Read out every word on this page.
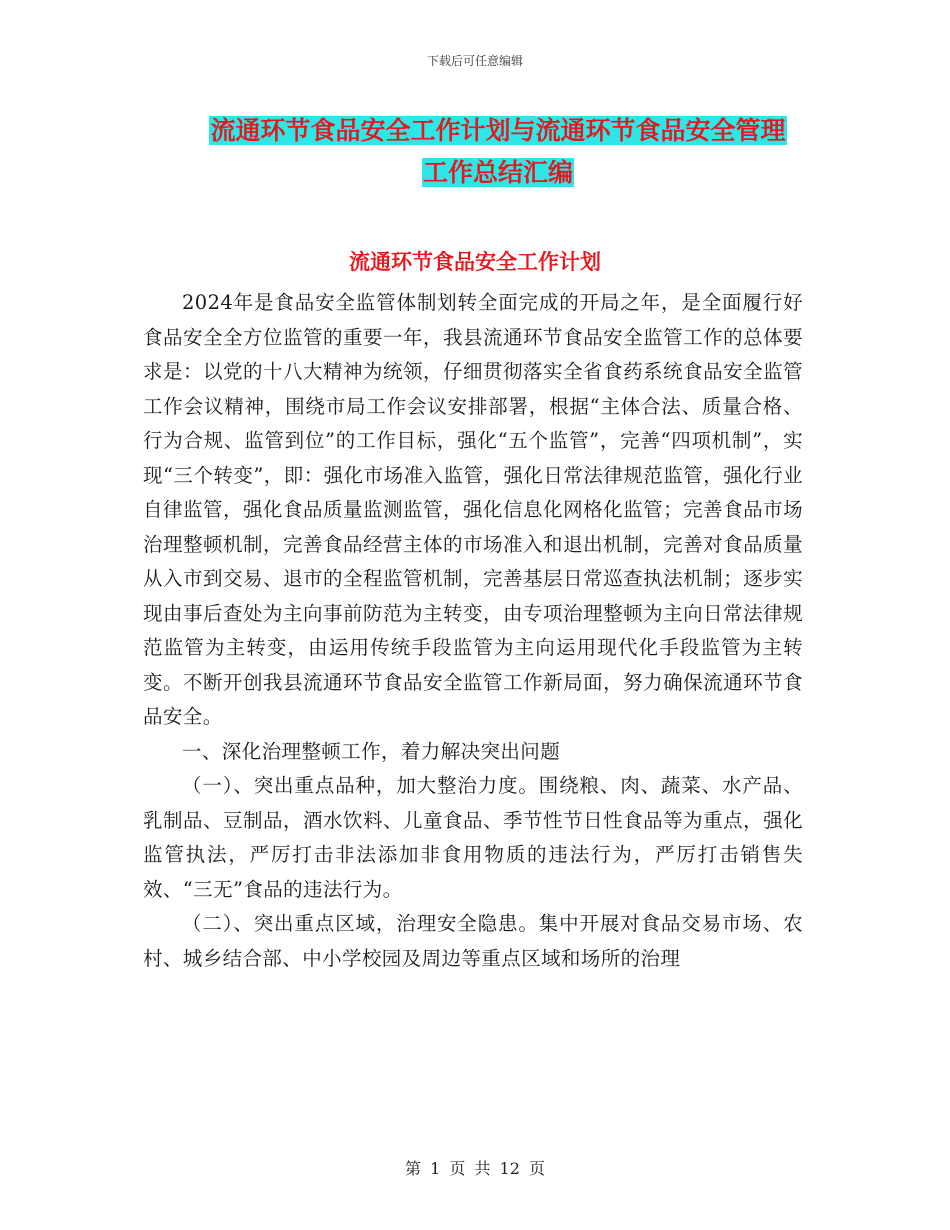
下载后可任意编辑
流通环节食品安全工作计划与流通环节食品安全管理
工作总结汇编
流通环节食品安全工作计划

2024年是食品安全监管体制划转全面完成的开局之年，是全面履行好食品安全全方位监管的重要一年，我县流通环节食品安全监管工作的总体要求是：以党的十八大精神为统领，仔细贯彻落实全省食药系统食品安全监管工作会议精神，围绕市局工作会议安排部署，根据“主体合法、质量合格、行为合规、监管到位”的工作目标，强化“五个监管”，完善“四项机制”，实现“三个转变”，即：强化市场准入监管，强化日常法律规范监管，强化行业自律监管，强化食品质量监测监管，强化信息化网格化监管；完善食品市场治理整顿机制，完善食品经营主体的市场准入和退出机制，完善对食品质量从入市到交易、退市的全程监管机制，完善基层日常巡查执法机制；逐步实现由事后查处为主向事前防范为主转变，由专项治理整顿为主向日常法律规范监管为主转变，由运用传统手段监管为主向运用现代化手段监管为主转变。不断开创我县流通环节食品安全监管工作新局面，努力确保流通环节食品安全。

一、深化治理整顿工作，着力解决突出问题

（一）、突出重点品种，加大整治力度。围绕粮、肉、蔬菜、水产品、乳制品、豆制品，酒水饮料、儿童食品、季节性节日性食品等为重点，强化监管执法，严厉打击非法添加非食用物质的违法行为，严厉打击销售失效、“三无”食品的违法行为。

（二）、突出重点区域，治理安全隐患。集中开展对食品交易市场、农村、城乡结合部、中小学校园及周边等重点区域和场所的治理

第 1 页 共 12 页
